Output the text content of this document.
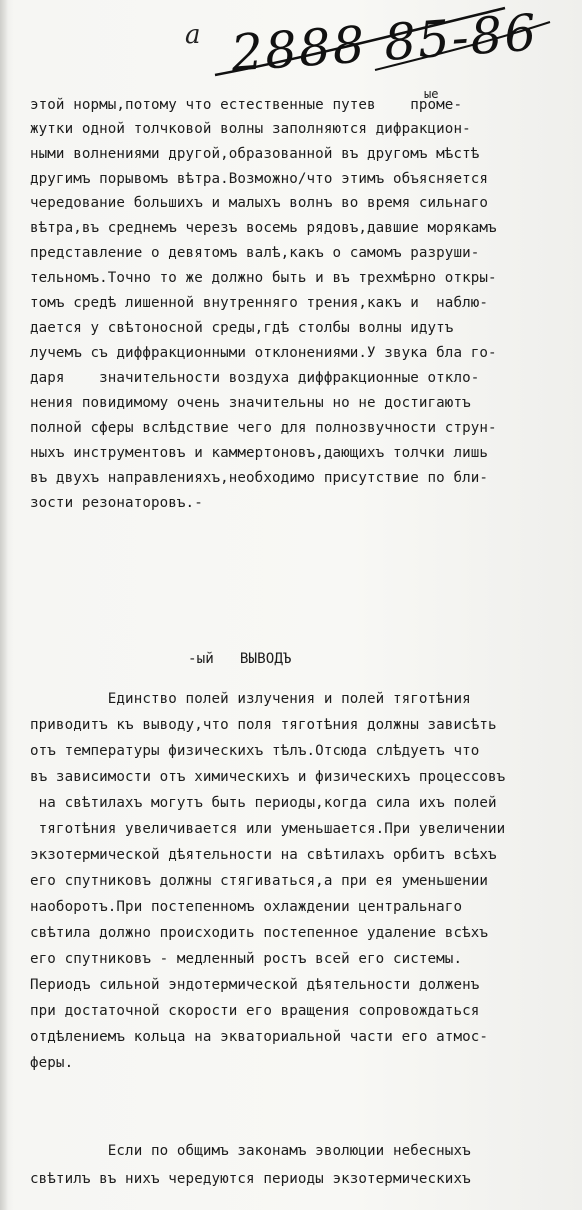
а 2888 85-86
ые

этой нормы,потому что естественные путев    проме-

жутки одной толчковой волны заполняются дифракцион-

ными волнениями другой,образованной въ другомъ мѣстѣ

другимъ порывомъ вѣтра.Возможно/что этимъ объясняется

чередование большихъ и малыхъ волнъ во время сильнаго

вѣтра,въ среднемъ черезъ восемь рядовъ,давшие морякамъ

представление о девятомъ валѣ,какъ о самомъ разруши-

тельномъ.Точно то же должно быть и въ трехмѣрно откры-

томъ средѣ лишенной внутренняго трения,какъ и  наблю-

дается у свѣтоносной среды,гдѣ столбы волны идутъ

лучемъ съ диффракционными отклонениями.У звука бла го-

даря    значительности воздуха диффракционные откло-

нения повидимому очень значительны но не достигаютъ

полной сферы вслѣдствие чего для полнозвучности струн-

ныхъ инструментовъ и каммертоновъ,дающихъ толчки лишь

въ двухъ направленияхъ,необходимо присутствие по бли-

зости резонаторовъ.-

-ый   ВЫВОДЪ

Единство полей излучения и полей тяготѣния

приводитъ къ выводу,что поля тяготѣния должны зависѣть

отъ температуры физическихъ тѣлъ.Отсюда слѣдуетъ что

въ зависимости отъ химическихъ и физическихъ процессовъ

на свѣтилахъ могутъ быть периоды,когда сила ихъ полей

тяготѣния увеличивается или уменьшается.При увеличении

экзотермической дѣятельности на свѣтилахъ орбитъ всѣхъ

его спутниковъ должны стягиваться,а при ея уменьшении

наоборотъ.При постепенномъ охлаждении центральнаго

свѣтила должно происходить постепенное удаление всѣхъ

его спутниковъ - медленный ростъ всей его системы.

Периодъ сильной эндотермической дѣятельности долженъ

при достаточной скорости его вращения сопровождаться

отдѣлениемъ кольца на экваториальной части его атмос-

феры.

Если по общимъ законамъ эволюции небесныхъ

свѣтилъ въ нихъ чередуются периоды экзотермическихъ
